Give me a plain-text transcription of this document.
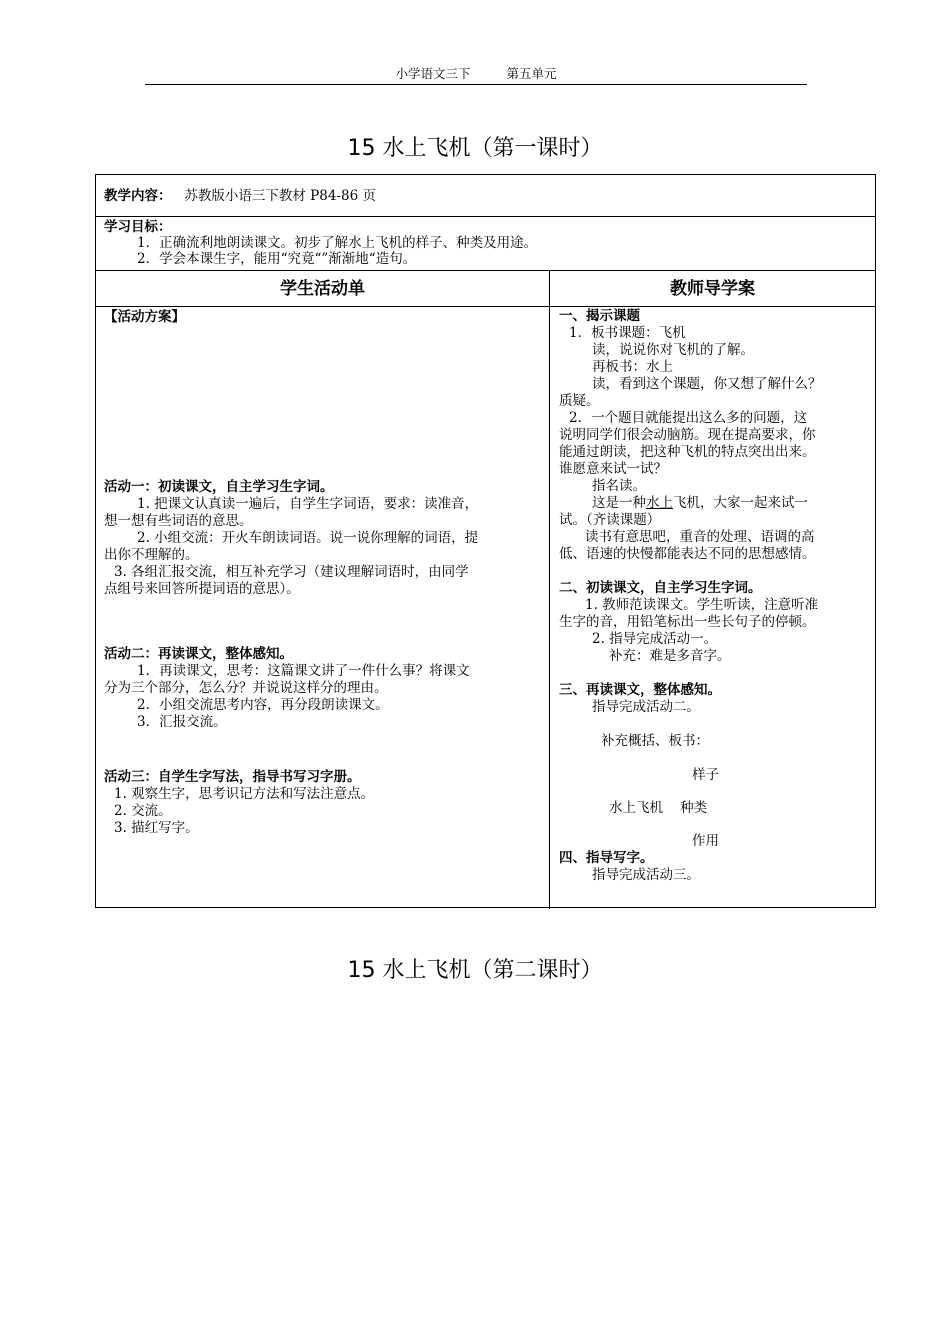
小学语文三下	第五单元
15 水上飞机（第一课时）
教学内容： 苏教版小语三下教材 P84-86 页

学习目标：

1．正确流利地朗读课文。初步了解水上飞机的样子、种类及用途。

2．学会本课生字，能用“究竟“”渐渐地“造句。

学生活动单	教师导学案

【活动方案】

活动一：初读课文，自主学习生字词。

1. 把课文认真读一遍后，自学生字词语，要求：读准音，

想一想有些词语的意思。

2. 小组交流：开火车朗读词语。说一说你理解的词语，提

出你不理解的。

3. 各组汇报交流，相互补充学习（建议理解词语时，由同学

点组号来回答所提词语的意思）。

活动二：再读课文，整体感知。

1．再读课文，思考：这篇课文讲了一件什么事？将课文

分为三个部分，怎么分？并说说这样分的理由。

2．小组交流思考内容，再分段朗读课文。

3．汇报交流。

活动三：自学生字写法，指导书写习字册。

1. 观察生字，思考识记方法和写法注意点。

2. 交流。

3. 描红写字。

一、揭示课题

1．板书课题：飞机

读，说说你对飞机的了解。

再板书：水上

读，看到这个课题，你又想了解什么？

质疑。

2．一个题目就能提出这么多的问题，这

说明同学们很会动脑筋。现在提高要求，你

能通过朗读，把这种飞机的特点突出出来。

谁愿意来试一试？

指名读。

这是一种水上飞机，大家一起来试一

试。（齐读课题）

读书有意思吧，重音的处理、语调的高

低、语速的快慢都能表达不同的思想感情。

二、初读课文，自主学习生字词。

1. 教师范读课文。学生听读，注意听准

生字的音，用铅笔标出一些长句子的停顿。

2. 指导完成活动一。

补充：难是多音字。

三、再读课文，整体感知。

指导完成活动二。

补充概括、板书：

样子

水上飞机 种类

作用

四、指导写字。

指导完成活动三。

15 水上飞机（第二课时）
